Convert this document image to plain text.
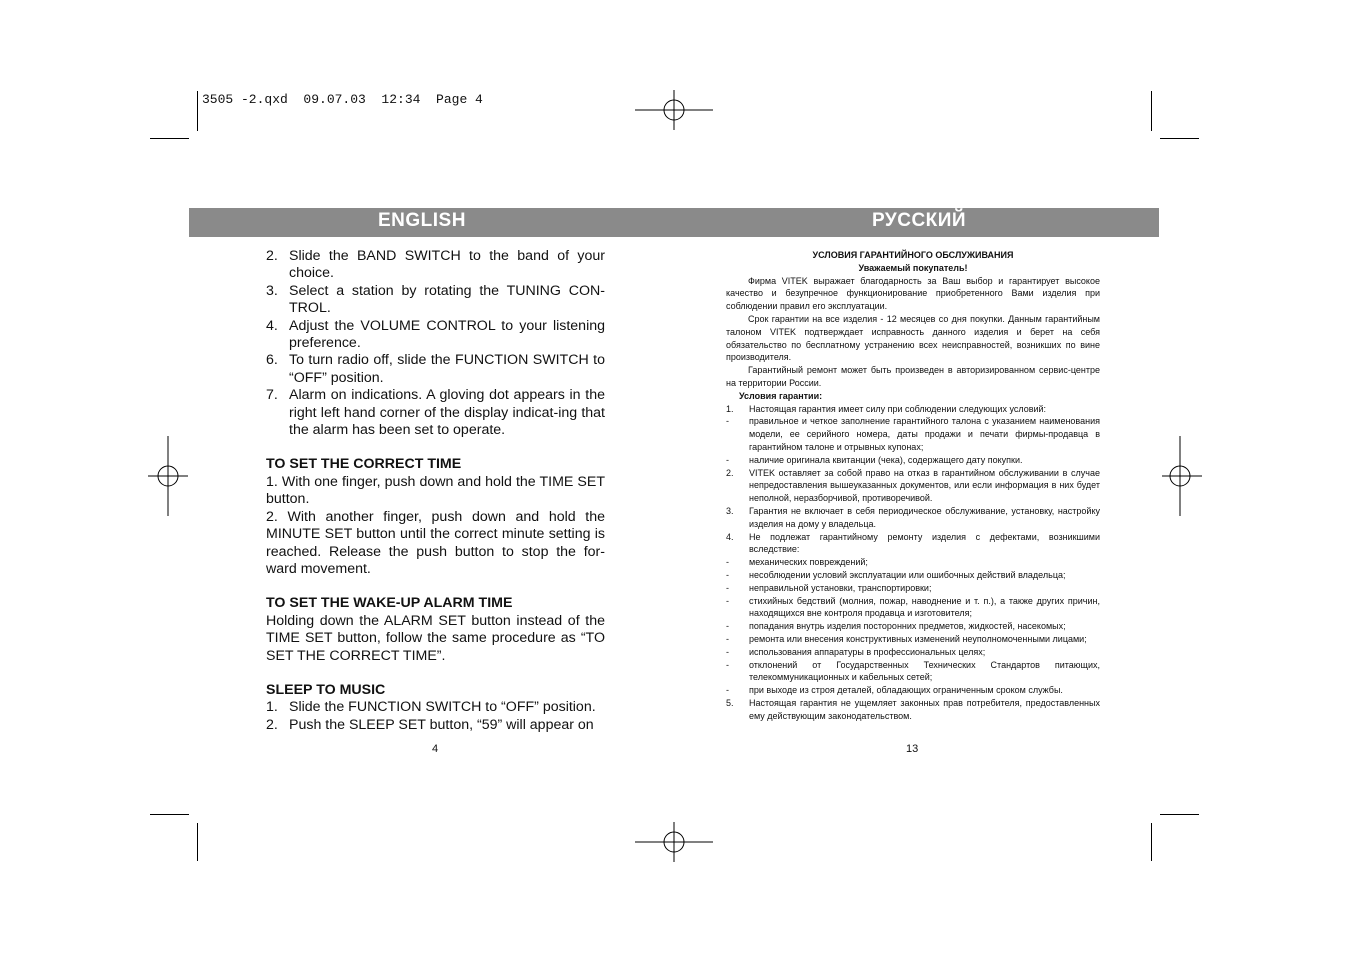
3505 -2.qxd  09.07.03  12:34  Page 4
ENGLISH	РУССКИЙ
2. Slide the BAND SWITCH to the band of your choice.
3. Select a station by rotating the TUNING CON-TROL.
4. Adjust the VOLUME CONTROL to your listening preference.
6. To turn radio off, slide the FUNCTION SWITCH to “OFF” position.
7. Alarm on indications. A gloving dot appears in the right left hand corner of the display indicat-ing that the alarm has been set to operate.
TO SET THE CORRECT TIME

1. With one finger, push down and hold the TIME SET button.

2. With another finger, push down and hold the MINUTE SET button until the correct minute setting is reached. Release the push button to stop the for-ward movement.

TO SET THE WAKE-UP ALARM TIME

Holding down the ALARM SET button instead of the TIME SET button, follow the same procedure as “TO SET THE CORRECT TIME”.

SLEEP TO MUSIC
1. Slide the FUNCTION SWITCH to “OFF” position.
2. Push the SLEEP SET button, “59” will appear on
4
УСЛОВИЯ ГАРАНТИЙНОГО ОБСЛУЖИВАНИЯ
Уважаемый покупатель!

Фирма VITEK выражает благодарность за Ваш выбор и гарантирует высокое качество и безупречное функционирование приобретенного Вами изделия при соблюдении правил его эксплуатации.

Срок гарантии на все изделия - 12 месяцев со дня покупки. Данным гарантийным талоном VITEK подтверждает исправность данного изделия и берет на себя обязательство по бесплатному устранению всех неисправностей, возникших по вине производителя.

Гарантийный ремонт может быть произведен в авторизированном сервис-центре на территории России.

Условия гарантии:
1. Настоящая гарантия имеет силу при соблюдении следующих условий:
- правильное и четкое заполнение гарантийного талона с указанием наименования модели, ее серийного номера, даты продажи и печати фирмы-продавца в гарантийном талоне и отрывных купонах;
- наличие оригинала квитанции (чека), содержащего дату покупки.
2. VITEK оставляет за собой право на отказ в гарантийном обслуживании в случае непредоставления вышеуказанных документов, или если информация в них будет неполной, неразборчивой, противоречивой.
3. Гарантия не включает в себя периодическое обслуживание, установку, настройку изделия на дому у владельца.
4. Не подлежат гарантийному ремонту изделия с дефектами, возникшими вследствие:
- механических повреждений;
- несоблюдении условий эксплуатации или ошибочных действий владельца;
- неправильной установки, транспортировки;
- стихийных бедствий (молния, пожар, наводнение и т. п.), а также других причин, находящихся вне контроля продавца и изготовителя;
- попадания внутрь изделия посторонних предметов, жидкостей, насекомых;
- ремонта или внесения конструктивных изменений неуполномоченными лицами;
- использования аппаратуры в профессиональных целях;
- отклонений от Государственных Технических Стандартов питающих, телекоммуникационных и кабельных сетей;
- при выходе из строя деталей, обладающих ограниченным сроком службы.
5. Настоящая гарантия не ущемляет законных прав потребителя, предоставленных ему действующим законодательством.
13
